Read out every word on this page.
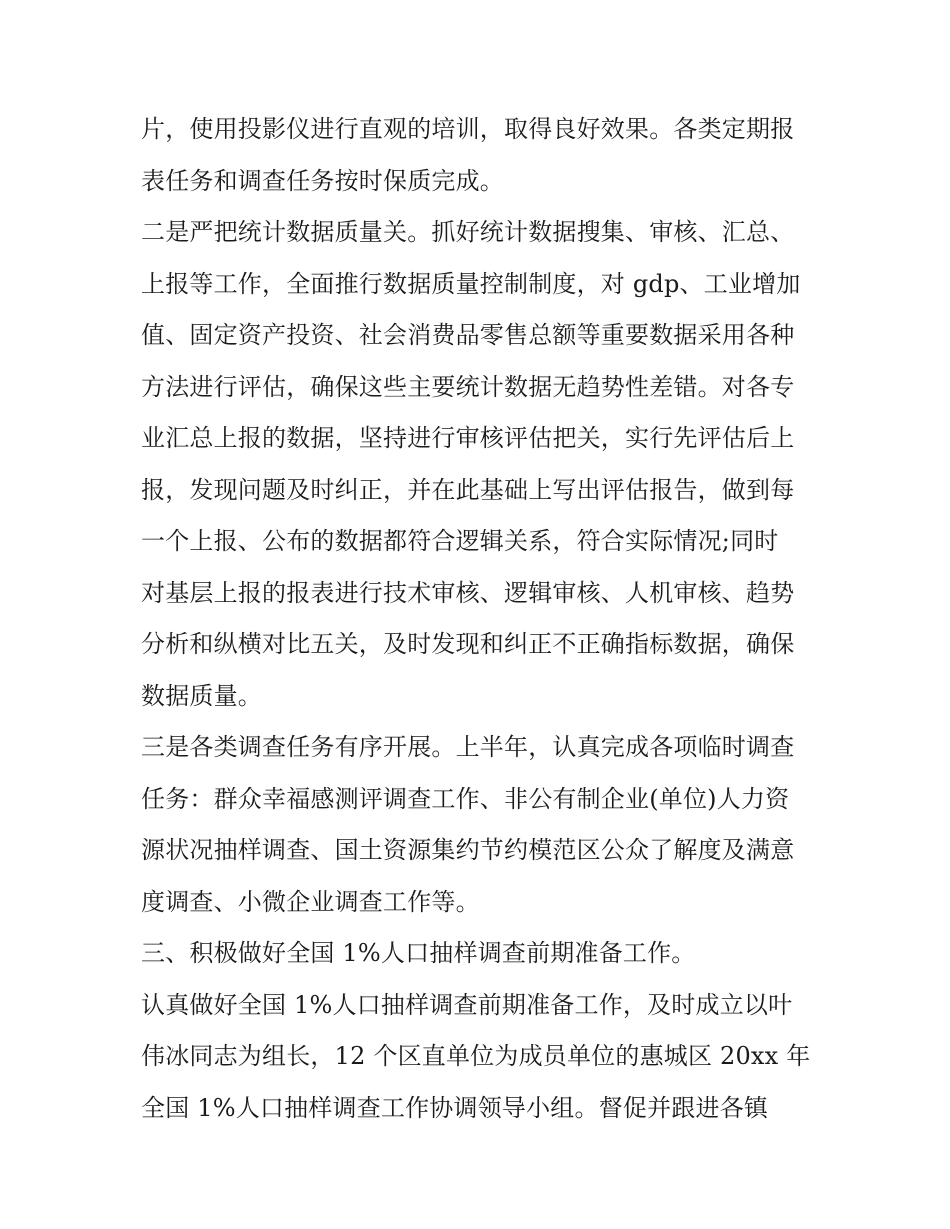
片，使用投影仪进行直观的培训，取得良好效果。各类定期报
表任务和调查任务按时保质完成。
二是严把统计数据质量关。抓好统计数据搜集、审核、汇总、
上报等工作，全面推行数据质量控制制度，对 gdp、工业增加
值、固定资产投资、社会消费品零售总额等重要数据采用各种
方法进行评估，确保这些主要统计数据无趋势性差错。对各专
业汇总上报的数据，坚持进行审核评估把关，实行先评估后上
报，发现问题及时纠正，并在此基础上写出评估报告，做到每
一个上报、公布的数据都符合逻辑关系，符合实际情况;同时
对基层上报的报表进行技术审核、逻辑审核、人机审核、趋势
分析和纵横对比五关，及时发现和纠正不正确指标数据，确保
数据质量。
三是各类调查任务有序开展。上半年，认真完成各项临时调查
任务：群众幸福感测评调查工作、非公有制企业(单位)人力资
源状况抽样调查、国土资源集约节约模范区公众了解度及满意
度调查、小微企业调查工作等。
三、积极做好全国 1%人口抽样调查前期准备工作。
认真做好全国 1%人口抽样调查前期准备工作，及时成立以叶
伟冰同志为组长，12 个区直单位为成员单位的惠城区 20xx 年
全国 1%人口抽样调查工作协调领导小组。督促并跟进各镇
